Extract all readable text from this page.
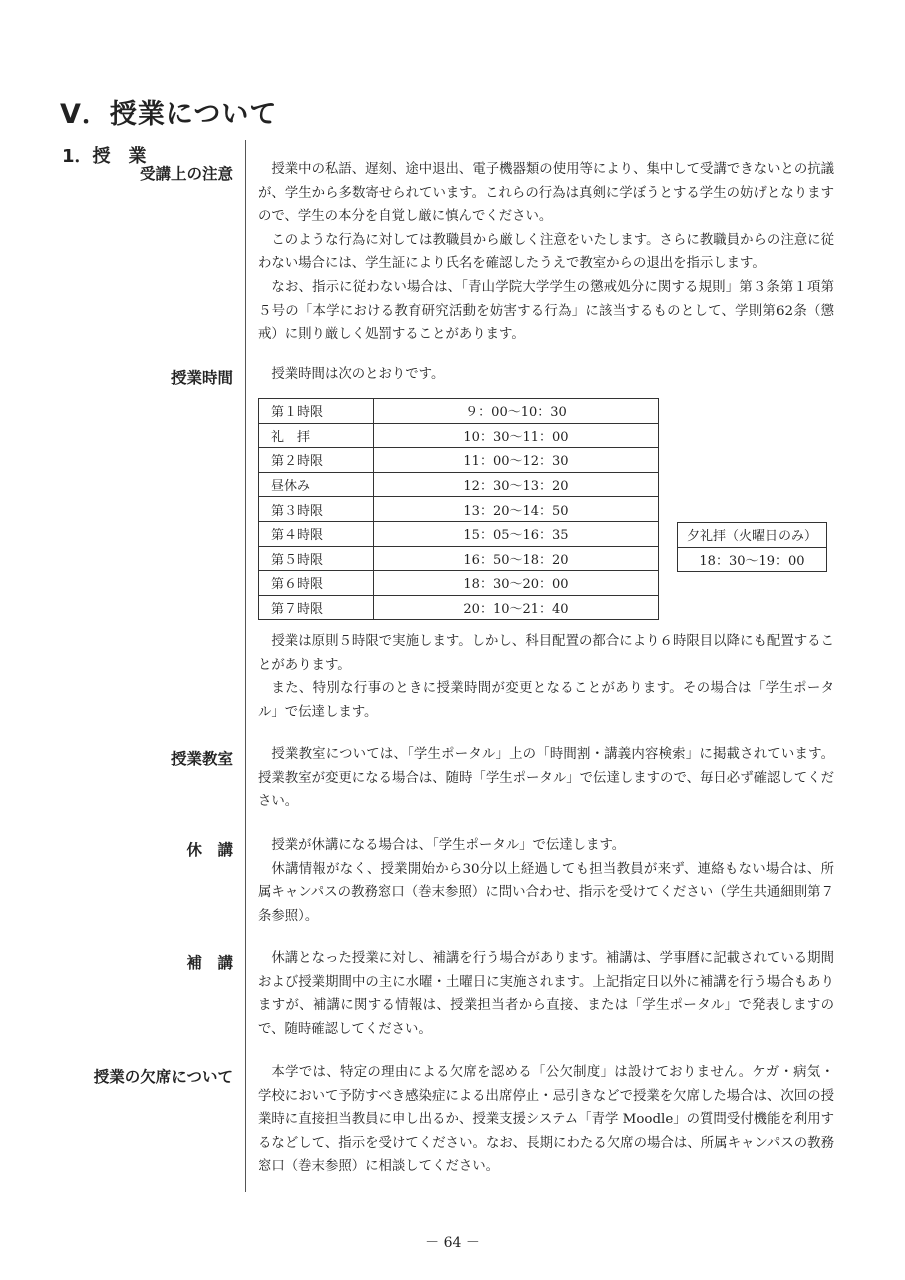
Ⅴ．授業について
1．授　業
受講上の注意	授業中の私語、遅刻、途中退出、電子機器類の使用等により、集中して受講できないとの抗議が、学生から多数寄せられています。これらの行為は真剣に学ぼうとする学生の妨げとなりますので、学生の本分を自覚し厳に慎んでください。

このような行為に対しては教職員から厳しく注意をいたします。さらに教職員からの注意に従わない場合には、学生証により氏名を確認したうえで教室からの退出を指示します。

なお、指示に従わない場合は、「青山学院大学学生の懲戒処分に関する規則」第３条第１項第５号の「本学における教育研究活動を妨害する行為」に該当するものとして、学則第62条（懲戒）に則り厳しく処罰することがあります。

授業時間	授業時間は次のとおりです。

第１時限	９：00〜10：30
礼　拝	10：30〜11：00
第２時限	11：00〜12：30
昼休み	12：30〜13：20
第３時限	13：20〜14：50
第４時限	15：05〜16：35
第５時限	16：50〜18：20
第６時限	18：30〜20：00
第７時限	20：10〜21：40
夕礼拝（火曜日のみ）
18：30〜19：00

授業は原則５時限で実施します。しかし、科目配置の都合により６時限目以降にも配置することがあります。

また、特別な行事のときに授業時間が変更となることがあります。その場合は「学生ポータル」で伝達します。

授業教室	授業教室については、「学生ポータル」上の「時間割・講義内容検索」に掲載されています。授業教室が変更になる場合は、随時「学生ポータル」で伝達しますので、毎日必ず確認してください。

休　講	授業が休講になる場合は、「学生ポータル」で伝達します。

休講情報がなく、授業開始から30分以上経過しても担当教員が来ず、連絡もない場合は、所属キャンパスの教務窓口（巻末参照）に問い合わせ、指示を受けてください（学生共通細則第７条参照）。

補　講	休講となった授業に対し、補講を行う場合があります。補講は、学事暦に記載されている期間および授業期間中の主に水曜・土曜日に実施されます。上記指定日以外に補講を行う場合もありますが、補講に関する情報は、授業担当者から直接、または「学生ポータル」で発表しますので、随時確認してください。

授業の欠席について	本学では、特定の理由による欠席を認める「公欠制度」は設けておりません。ケガ・病気・学校において予防すべき感染症による出席停止・忌引きなどで授業を欠席した場合は、次回の授業時に直接担当教員に申し出るか、授業支援システム「青学 Moodle」の質問受付機能を利用するなどして、指示を受けてください。なお、長期にわたる欠席の場合は、所属キャンパスの教務窓口（巻末参照）に相談してください。

－ 64 －
